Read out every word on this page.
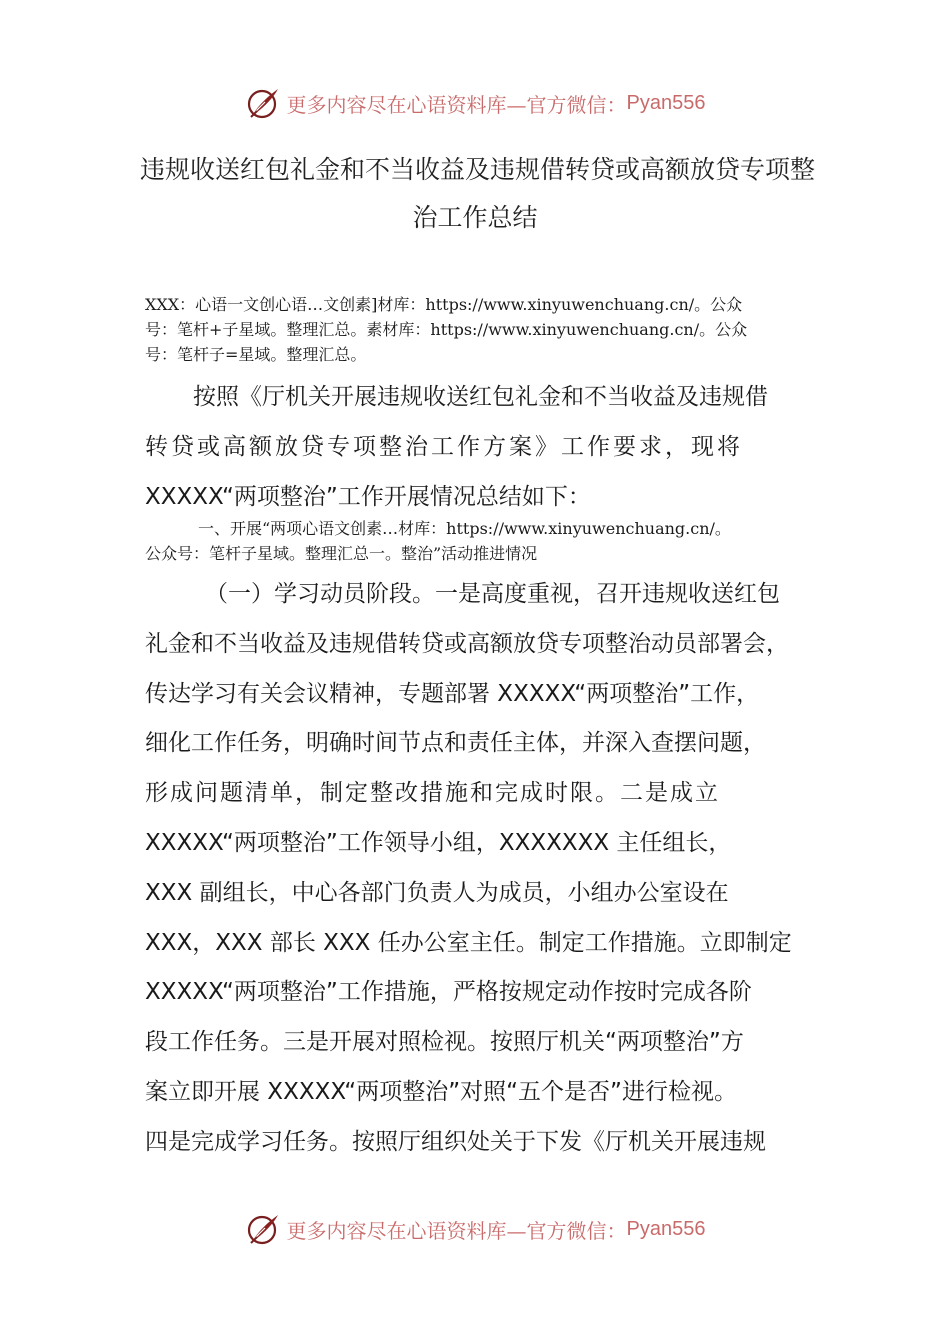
更多内容尽在心语资料库—官方微信： Pyan556
违规收送红包礼金和不当收益及违规借转贷或高额放贷专项整
治工作总结
XXX：心语一文创心语…文创素]材库：https://www.xinyuwenchuang.cn/。公众
号：笔杆+子星域。整理汇总。素材库：https://www.xinyuwenchuang.cn/。公众
号：笔杆子=星域。整理汇总。
按照《厅机关开展违规收送红包礼金和不当收益及违规借
转贷或高额放贷专项整治工作方案》工作要求，现将
XXXXX“两项整治”工作开展情况总结如下：
一、开展“两项心语文创素…材库：https://www.xinyuwenchuang.cn/。
公众号：笔杆子星域。整理汇总一。整治”活动推进情况
（一）学习动员阶段。一是高度重视，召开违规收送红包
礼金和不当收益及违规借转贷或高额放贷专项整治动员部署会，
传达学习有关会议精神，专题部署 XXXXX“两项整治”工作，
细化工作任务，明确时间节点和责任主体，并深入查摆问题，
形成问题清单，制定整改措施和完成时限。二是成立
XXXXX“两项整治”工作领导小组，XXXXXXX 主任组长，
XXX 副组长，中心各部门负责人为成员，小组办公室设在
XXX，XXX 部长 XXX 任办公室主任。制定工作措施。立即制定
XXXXX“两项整治”工作措施，严格按规定动作按时完成各阶
段工作任务。三是开展对照检视。按照厅机关“两项整治”方
案立即开展 XXXXX“两项整治”对照“五个是否”进行检视。
四是完成学习任务。按照厅组织处关于下发《厅机关开展违规
更多内容尽在心语资料库—官方微信： Pyan556
